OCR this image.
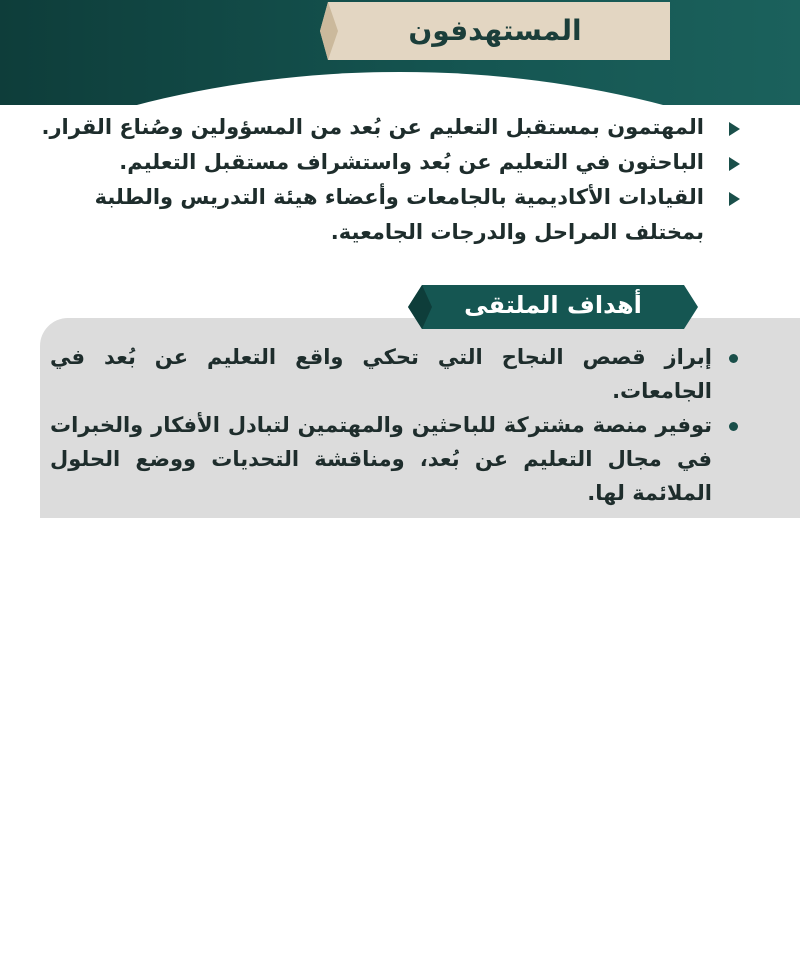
المستهدفون
المهتمون بمستقبل التعليم عن بُعد من المسؤولين وصُناع القرار.
الباحثون في التعليم عن بُعد واستشراف مستقبل التعليم.
القيادات الأكاديمية بالجامعات وأعضاء هيئة التدريس والطلبة بمختلف المراحل والدرجات الجامعية.
أهداف الملتقى
إبراز قصص النجاح التي تحكي واقع التعليم عن بُعد في الجامعات.
توفير منصة مشتركة للباحثين والمهتمين لتبادل الأفكار والخبرات في مجال التعليم عن بُعد، ومناقشة التحديات ووضع الحلول الملائمة لها.
